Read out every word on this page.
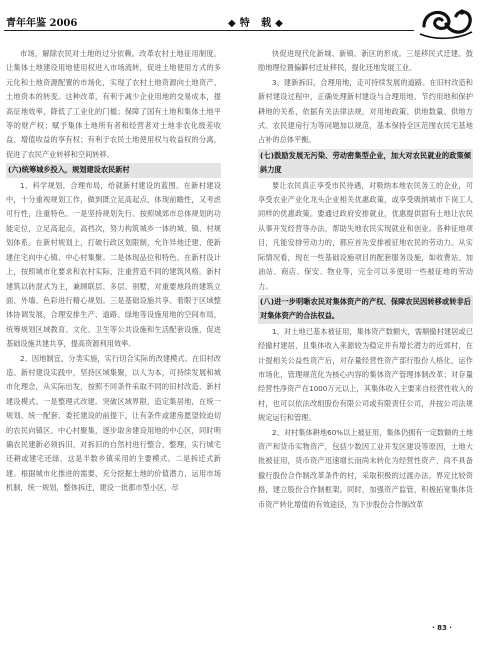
青年年鉴 2006	◆特 载◆

市场，解除农民对土地的过分依赖。改革农村土地征用制度，让集体土地建设用地使用权进入市场流转，促进土地使用方式的多元化和土地资源配置的市场化，实现了农村土地资源向土地资产、土地资本的转变。这种改革，有利于减少企业用地的交易成本，提高征地效率，降低了工业化的门槛；保障了国有土地和集体土地平等的财产权；赋予集体土地所有者和经营者对土地非农化级差收益、增值收益的享有权；有利于农民土地使用权与收益权的分离，促进了农民产业转移和空间转移。

(六)统筹城乡投入，规划建设农民新村

1、科学规划，合理布局，给就新村建设的蓝图。在新村建设中，十分重视规划工作，做到既立足高起点，体现前瞻性，又考虑可行性，注重特色。一是坚持规划先行。按照城郊市总体规划的功能定位，立足高起点，高档次，努力构筑城乡一体的城、镇、村规划体系。在新村规划上，打破行政区划限制，允许异地迁建，使新建住宅向中心镇、中心村集聚。二是体现品位和特色。在新村设计上，按照城市化要求和农村实际，注重营造不同的建筑风格。新村建筑以砖混式为主，兼顾联层、多层、别墅，对重要地段的建筑立面、外墙、色彩进行精心规划。三是基础设施共享。着眼于区域整体协调发展，合理安排生产、道路、绿地等设施用地的空间布局，统筹规划区域教育、文化、卫生等公共设施和生活配套设施，促进基础设施共建共享，提高资源利用效率。

2、因地制宜，分类实施，实行切合实际的改建模式。在旧村改造、新村建设实践中，坚持区域集聚，以人为本，可持续发展和城市化理念，从实际出发，按照不同条件采取不同的旧村改造、新村建设模式。一是整理式改建。突破区域界限，造定集居地，在统一规划、统一配套、委托建设的前提下，让有条件或建房愿望较迫切的农民向镇区、中心村聚集，逐步取舍建设用地的中心区，同时明确农民建新必须拆旧，对拆旧的自然村进行整合、整理，实行城宅还耕或建宅还绿，这是半数乡镇采用的主要模式。二是拆迁式新建。根据城市化推进的需要，充分挖掘土地的价值潜力，运用市场机制，统一规划，整体拆迁，建设一批都市型小区，尽

快促进现代化新城、新镇、新区的形成。三是移民式迁建。鼓励地理位置偏僻村迁址移民，提化还地发展工业。

3、建新拆旧，合理用地，走可持续发展的道路。在旧村改造和新村建设过程中，正确处理新村建设与合理用地、节约用地和保护耕地的关系，依据有关法律法规，对用地政策、供地数量、供地方式、农民建房行为等问题加以规范，基本保持全区范围农民宅基地占补的总体平衡。

(七)鼓励发展无污染、劳动密集型企业，加大对农民就业的政策倾斜力度

要让农民真正享受市民待遇，对吸纳本地农民务工的企业，可享受农业产业化龙头企业相关优惠政策，或享受吸纳城市下岗工人同样的优惠政策。要通过政府安排就业，优惠提供固有土地让农民从事开发经营等办法，帮助失地农民实现就业和创业。各种征地项目，凡能安排劳动力的，都应首先安排被征地农民的劳动力。从实际情况看，现在一些基础设施项目的配套服务设施，如收费站、加油站、商店、保安、物业等，完全可以多使用一些被征地的劳动力。

(八)进一步明晰农民对集体资产的产权、保障农民因转移或转非后对集体资产的合法权益。

1、对土地已基本被征用，集体资产数额大，需顺撤村建居或已经撤村建居，且集体收入来源较为稳定并有增长潜力的近郊村，在计提相关公益性资产后，对存量经营性资产部行股份人格化，运作市场化，管理规范化为核心内容的集体资产管理体制改革；对存量经营性净资产在1000万元以上，其集体收入主要来自经营性收入的村，也可以依法改组股份有限公司或有限责任公司，并按公司法规规定运行和管理。

2、对村集体耕地60%以上被征用，集体仍拥有一定数额的土地资产和货币实物资产，包括少数因工业开发区建设等原因，土地大批被征用，货币资产迅速增长而尚未转化为经营性资产，尚不具备撤行股份合作制改革条件的村，采取积极的过渡办法，界定比较资格，建立股份合作制框架。同时，加强资产监管，积极拓宽集体货币资产转化增值的有效途径，为下步股份合作制改革

· 83 ·
